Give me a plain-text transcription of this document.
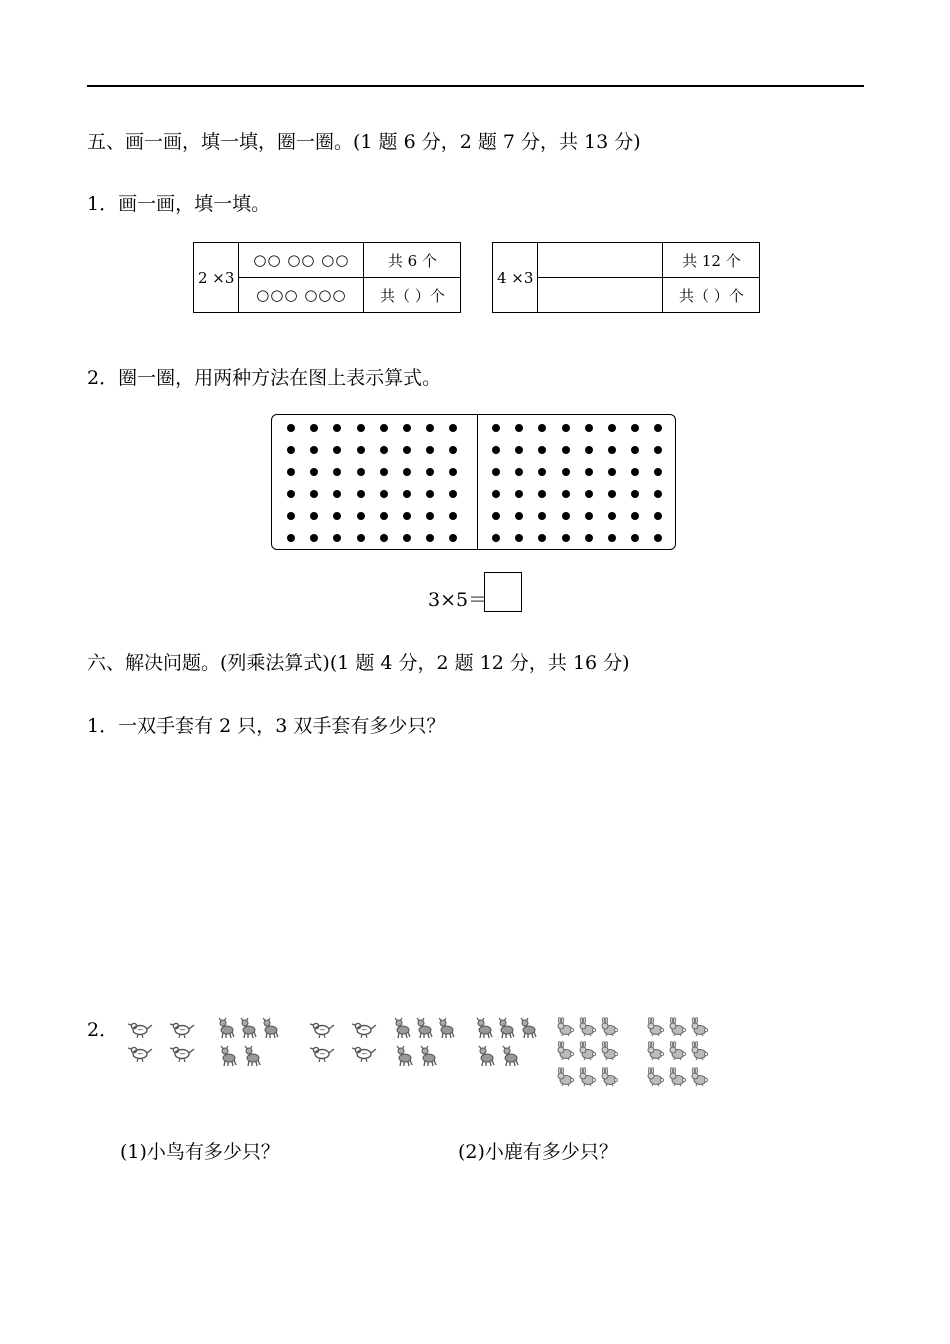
五、画一画，填一填，圈一圈。(1 题 6 分，2 题 7 分，共 13 分)
1．画一画，填一填。
2 ×3	○○ ○○ ○○	共 6 个
	○○○ ○○○	共（ ）个
4 ×3		共 12 个
		共（ ）个
2．圈一圈，用两种方法在图上表示算式。
3×5＝
六、解决问题。(列乘法算式)(1 题 4 分，2 题 12 分，共 16 分)
1．一双手套有 2 只，3 双手套有多少只？
2．
(1)小鸟有多少只？	(2)小鹿有多少只？
